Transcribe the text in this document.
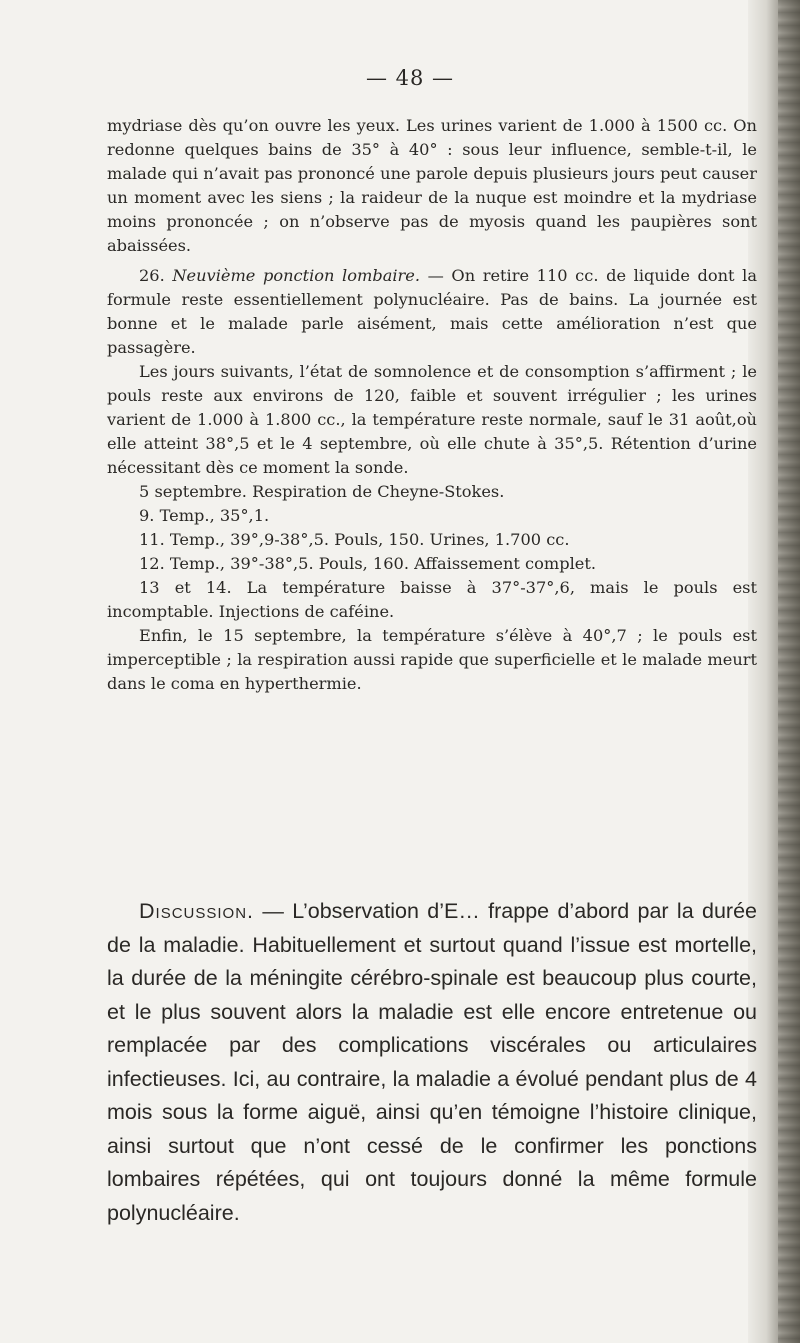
— 48 —

mydriase dès qu’on ouvre les yeux. Les urines varient de 1.000 à 1500 cc. On redonne quelques bains de 35° à 40° : sous leur influence, semble-t-il, le malade qui n’avait pas prononcé une parole depuis plusieurs jours peut causer un moment avec les siens ; la raideur de la nuque est moindre et la mydriase moins prononcée ; on n’observe pas de myosis quand les paupières sont abaissées.

26. Neuvième ponction lombaire. — On retire 110 cc. de liquide dont la formule reste essentiellement polynucléaire. Pas de bains. La journée est bonne et le malade parle aisément, mais cette amélioration n’est que passagère.

Les jours suivants, l’état de somnolence et de consomption s’affirment ; le pouls reste aux environs de 120, faible et souvent irrégulier ; les urines varient de 1.000 à 1.800 cc., la température reste normale, sauf le 31 août,où elle atteint 38°,5 et le 4 septembre, où elle chute à 35°,5. Rétention d’urine nécessitant dès ce moment la sonde.

5 septembre. Respiration de Cheyne-Stokes.

9. Temp., 35°,1.

11. Temp., 39°,9-38°,5. Pouls, 150. Urines, 1.700 cc.

12. Temp., 39°-38°,5. Pouls, 160. Affaissement complet.

13 et 14. La température baisse à 37°-37°,6, mais le pouls est incomptable. Injections de caféine.

Enfin, le 15 septembre, la température s’élève à 40°,7 ; le pouls est imperceptible ; la respiration aussi rapide que superficielle et le malade meurt dans le coma en hyperthermie.

Discussion. — L’observation d’E… frappe d’abord par la durée de la maladie. Habituellement et surtout quand l’issue est mortelle, la durée de la méningite cérébro-spinale est beaucoup plus courte, et le plus souvent alors la maladie est elle encore entretenue ou remplacée par des complications viscérales ou articulaires infectieuses. Ici, au contraire, la maladie a évolué pendant plus de 4 mois sous la forme aiguë, ainsi qu’en témoigne l’histoire clinique, ainsi surtout que n’ont cessé de le confirmer les ponctions lombaires répétées, qui ont toujours donné la même formule polynucléaire.
